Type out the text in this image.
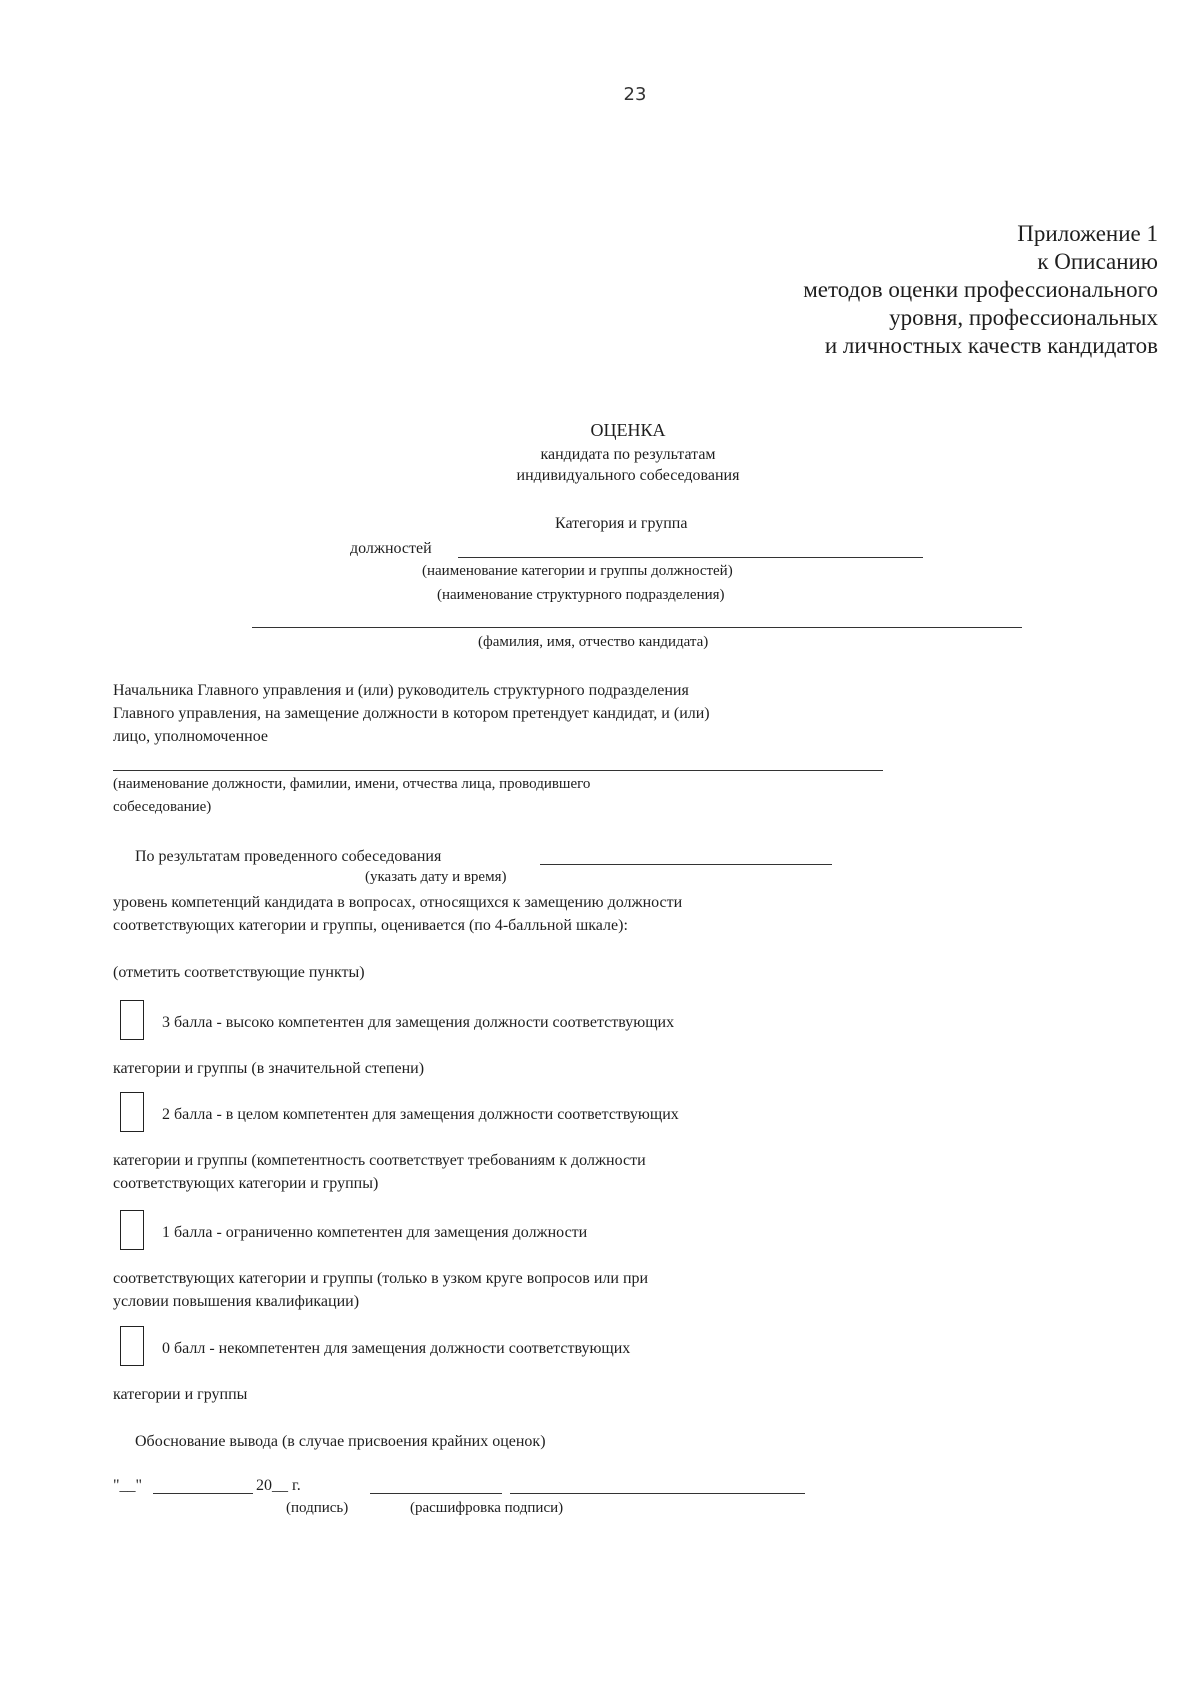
23
Приложение 1
к Описанию
методов оценки профессионального
уровня, профессиональных
и личностных качеств кандидатов
ОЦЕНКА
кандидата по результатам
индивидуального собеседования
Категория и группа
должностей
(наименование категории и группы должностей)
(наименование структурного подразделения)
(фамилия, имя, отчество кандидата)
Начальника Главного управления и (или) руководитель структурного подразделения
Главного управления, на замещение должности в котором претендует кандидат, и (или)
лицо, уполномоченное
(наименование должности, фамилии, имени, отчества лица, проводившего
собеседование)
По результатам проведенного собеседования
(указать дату и время)
уровень компетенций кандидата в вопросах, относящихся к замещению должности
соответствующих категории и группы, оценивается (по 4-балльной шкале):
(отметить соответствующие пункты)
3 балла - высоко компетентен для замещения должности соответствующих
категории и группы (в значительной степени)
2 балла - в целом компетентен для замещения должности соответствующих
категории и группы (компетентность соответствует требованиям к должности
соответствующих категории и группы)
1 балла - ограниченно компетентен для замещения должности
соответствующих категории и группы (только в узком круге вопросов или при
условии повышения квалификации)
0 балл - некомпетентен для замещения должности соответствующих
категории и группы
Обоснование вывода (в случае присвоения крайних оценок)
"__"	20__ г.
(подпись)	(расшифровка подписи)
